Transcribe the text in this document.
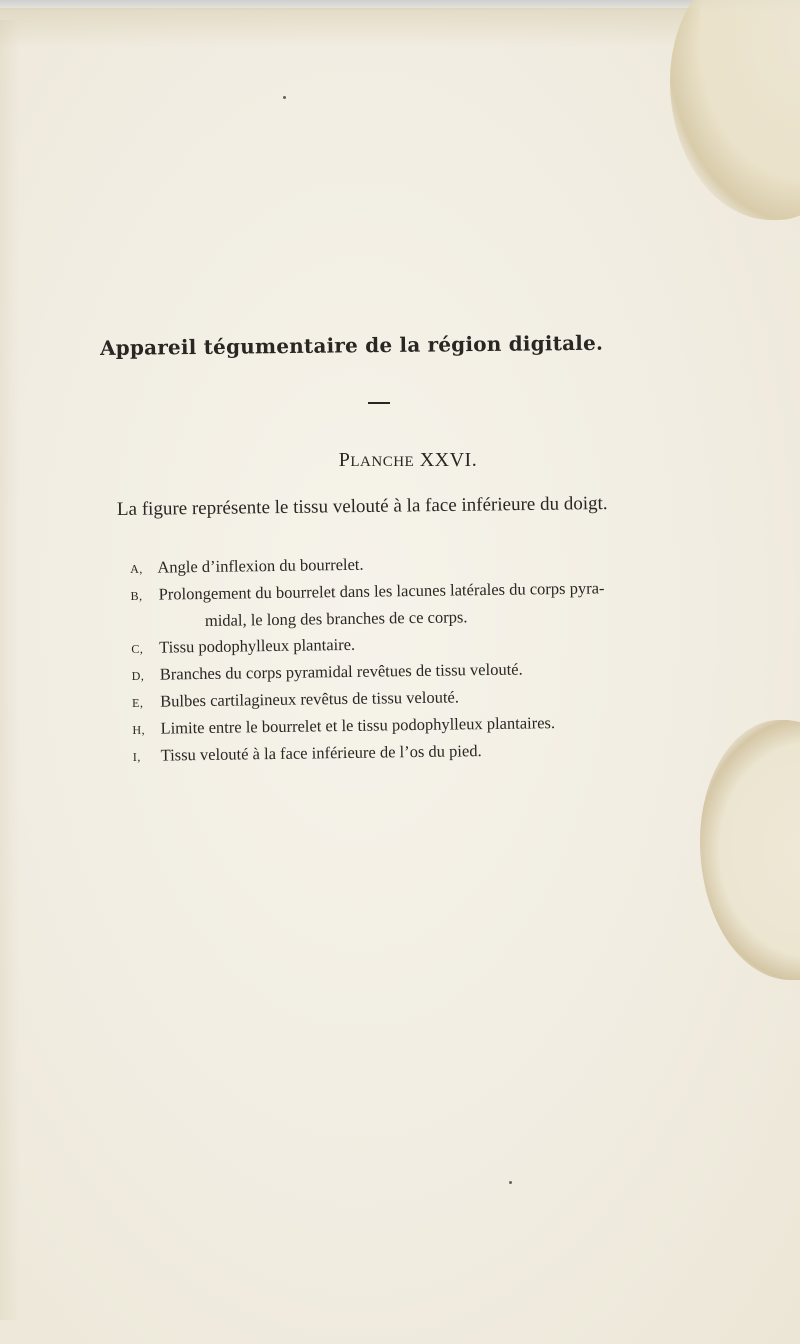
Appareil tégumentaire de la région digitale.
PLANCHE XXVI.
La figure représente le tissu velouté à la face inférieure du doigt.
A, Angle d’inflexion du bourrelet.
B, Prolongement du bourrelet dans les lacunes latérales du corps pyra-
midal, le long des branches de ce corps.
C, Tissu podophylleux plantaire.
D, Branches du corps pyramidal revêtues de tissu velouté.
E, Bulbes cartilagineux revêtus de tissu velouté.
H, Limite entre le bourrelet et le tissu podophylleux plantaires.
I, Tissu velouté à la face inférieure de l’os du pied.
